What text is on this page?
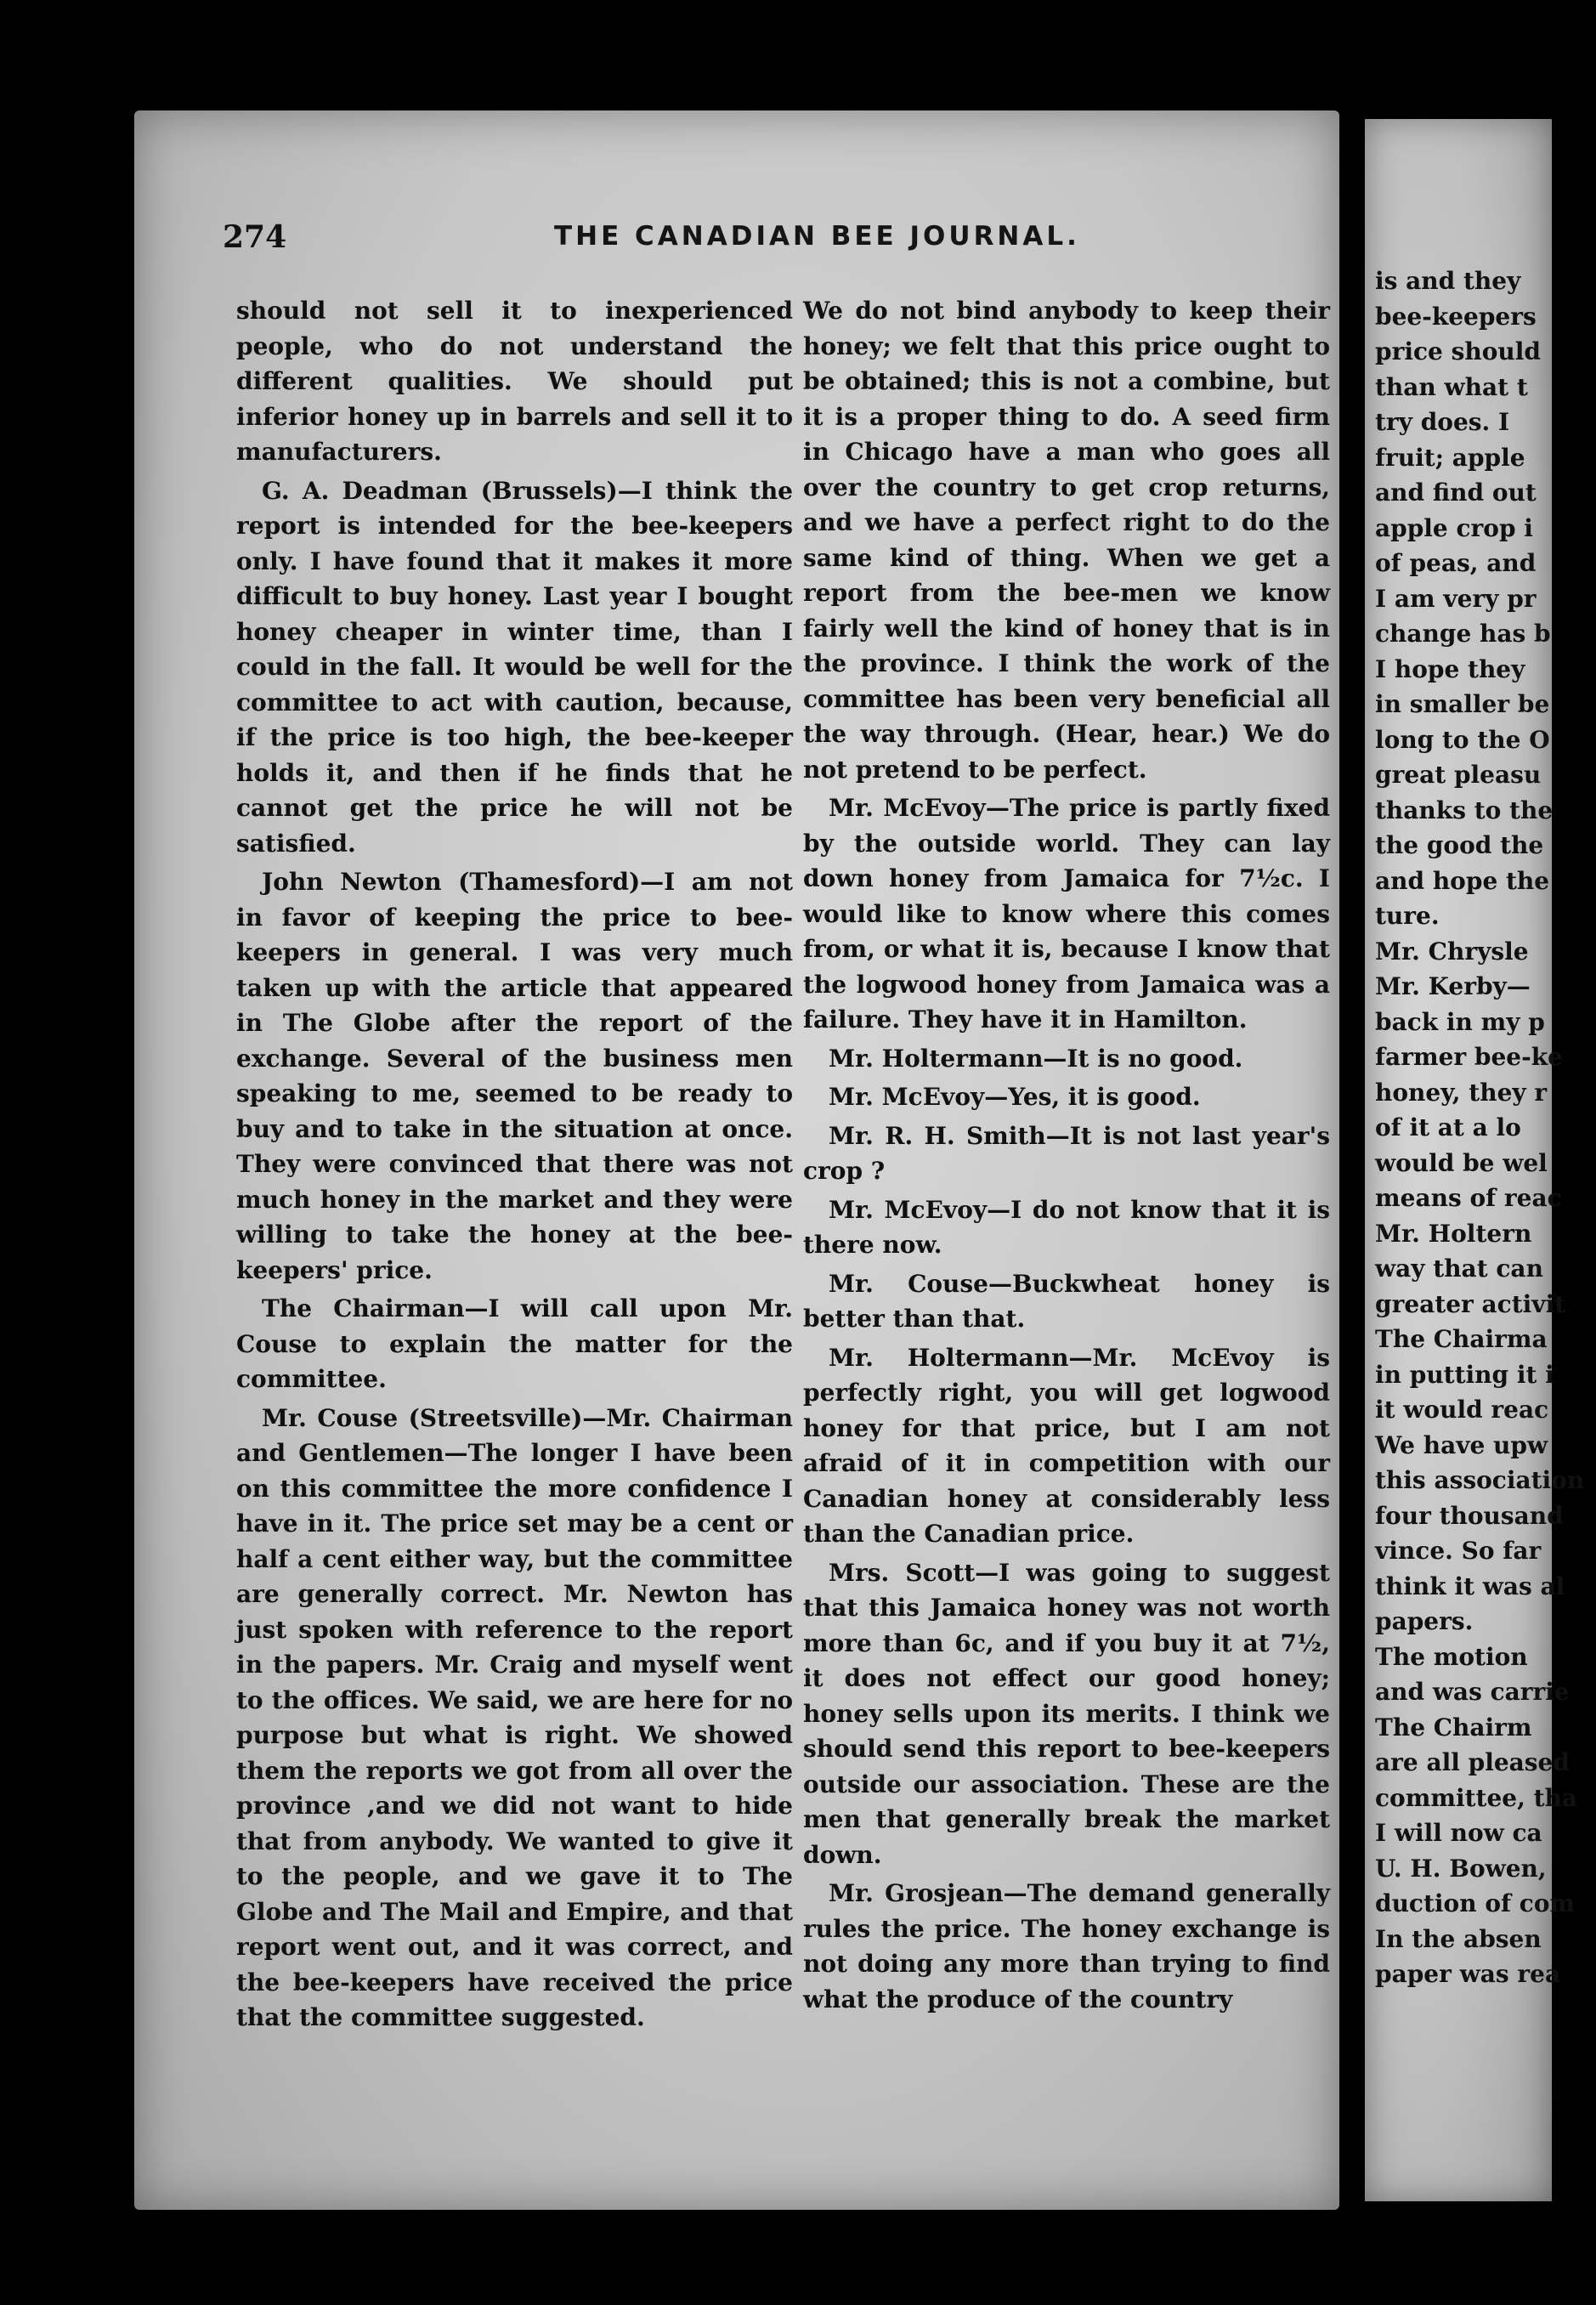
is and they
bee-keepers
price should
than what t
try does. I
fruit; apple
and find out
apple crop i
of peas, and
I am very pr
change has b
I hope they
in smaller be
long to the O
great pleasu
thanks to the
the good the
and hope the
ture.
Mr. Chrysle
Mr. Kerby—
back in my p
farmer bee-ke
honey, they r
of it at a lo
would be wel
means of reac
Mr. Holtern
way that can
greater activit
The Chairma
in putting it i
it would reac
We have upw
this association
four thousand
vince. So far
think it was al
papers.
The motion
and was carrie
The Chairm
are all pleased
committee, tha
I will now ca
U. H. Bowen,
duction of com
In the absen
paper was rea
274	THE CANADIAN BEE JOURNAL.

should not sell it to inexperienced people, who do not understand the different qualities. We should put inferior honey up in barrels and sell it to manufacturers.

G. A. Deadman (Brussels)—I think the report is intended for the bee-keepers only. I have found that it makes it more difficult to buy honey. Last year I bought honey cheaper in winter time, than I could in the fall. It would be well for the committee to act with caution, because, if the price is too high, the bee-keeper holds it, and then if he finds that he cannot get the price he will not be satisfied.

John Newton (Thamesford)—I am not in favor of keeping the price to bee-keepers in general. I was very much taken up with the article that appeared in The Globe after the report of the exchange. Several of the business men speaking to me, seemed to be ready to buy and to take in the situation at once. They were convinced that there was not much honey in the market and they were willing to take the honey at the bee-keepers' price.

The Chairman—I will call upon Mr. Couse to explain the matter for the committee.

Mr. Couse (Streetsville)—Mr. Chairman and Gentlemen—The longer I have been on this committee the more confidence I have in it. The price set may be a cent or half a cent either way, but the committee are generally correct. Mr. Newton has just spoken with reference to the report in the papers. Mr. Craig and myself went to the offices. We said, we are here for no purpose but what is right. We showed them the reports we got from all over the province ,and we did not want to hide that from anybody. We wanted to give it to the people, and we gave it to The Globe and The Mail and Empire, and that report went out, and it was correct, and the bee-keepers have received the price that the committee suggested.

We do not bind anybody to keep their honey; we felt that this price ought to be obtained; this is not a combine, but it is a proper thing to do. A seed firm in Chicago have a man who goes all over the country to get crop returns, and we have a perfect right to do the same kind of thing. When we get a report from the bee-men we know fairly well the kind of honey that is in the province. I think the work of the committee has been very beneficial all the way through. (Hear, hear.) We do not pretend to be perfect.

Mr. McEvoy—The price is partly fixed by the outside world. They can lay down honey from Jamaica for 7½c. I would like to know where this comes from, or what it is, because I know that the logwood honey from Jamaica was a failure. They have it in Hamilton.

Mr. Holtermann—It is no good.

Mr. McEvoy—Yes, it is good.

Mr. R. H. Smith—It is not last year's crop ?

Mr. McEvoy—I do not know that it is there now.

Mr. Couse—Buckwheat honey is better than that.

Mr. Holtermann—Mr. McEvoy is perfectly right, you will get logwood honey for that price, but I am not afraid of it in competition with our Canadian honey at considerably less than the Canadian price.

Mrs. Scott—I was going to suggest that this Jamaica honey was not worth more than 6c, and if you buy it at 7½, it does not effect our good honey; honey sells upon its merits. I think we should send this report to bee-keepers outside our association. These are the men that generally break the market down.

Mr. Grosjean—The demand generally rules the price. The honey exchange is not doing any more than trying to find what the produce of the country
